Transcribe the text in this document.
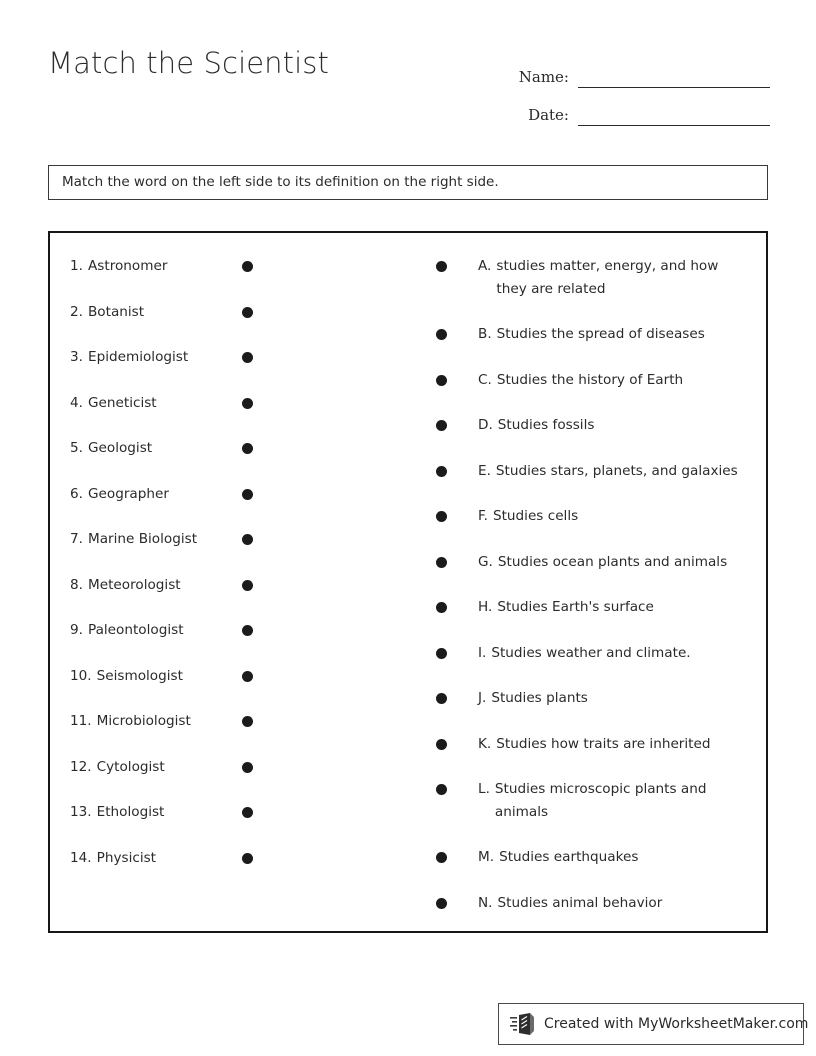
Match the Scientist	Name:
Date:
Match the word on the left side to its definition on the right side.
1. Astronomer
2. Botanist
3. Epidemiologist
4. Geneticist
5. Geologist
6. Geographer
7. Marine Biologist
8. Meteorologist
9. Paleontologist
10. Seismologist
11. Microbiologist
12. Cytologist
13. Ethologist
14. Physicist
A. studies matter, energy, and how they are related
B. Studies the spread of diseases
C. Studies the history of Earth
D. Studies fossils
E. Studies stars, planets, and galaxies
F. Studies cells
G. Studies ocean plants and animals
H. Studies Earth's surface
I. Studies weather and climate.
J. Studies plants
K. Studies how traits are inherited
L. Studies microscopic plants and animals
M. Studies earthquakes
N. Studies animal behavior
Created with MyWorksheetMaker.com
